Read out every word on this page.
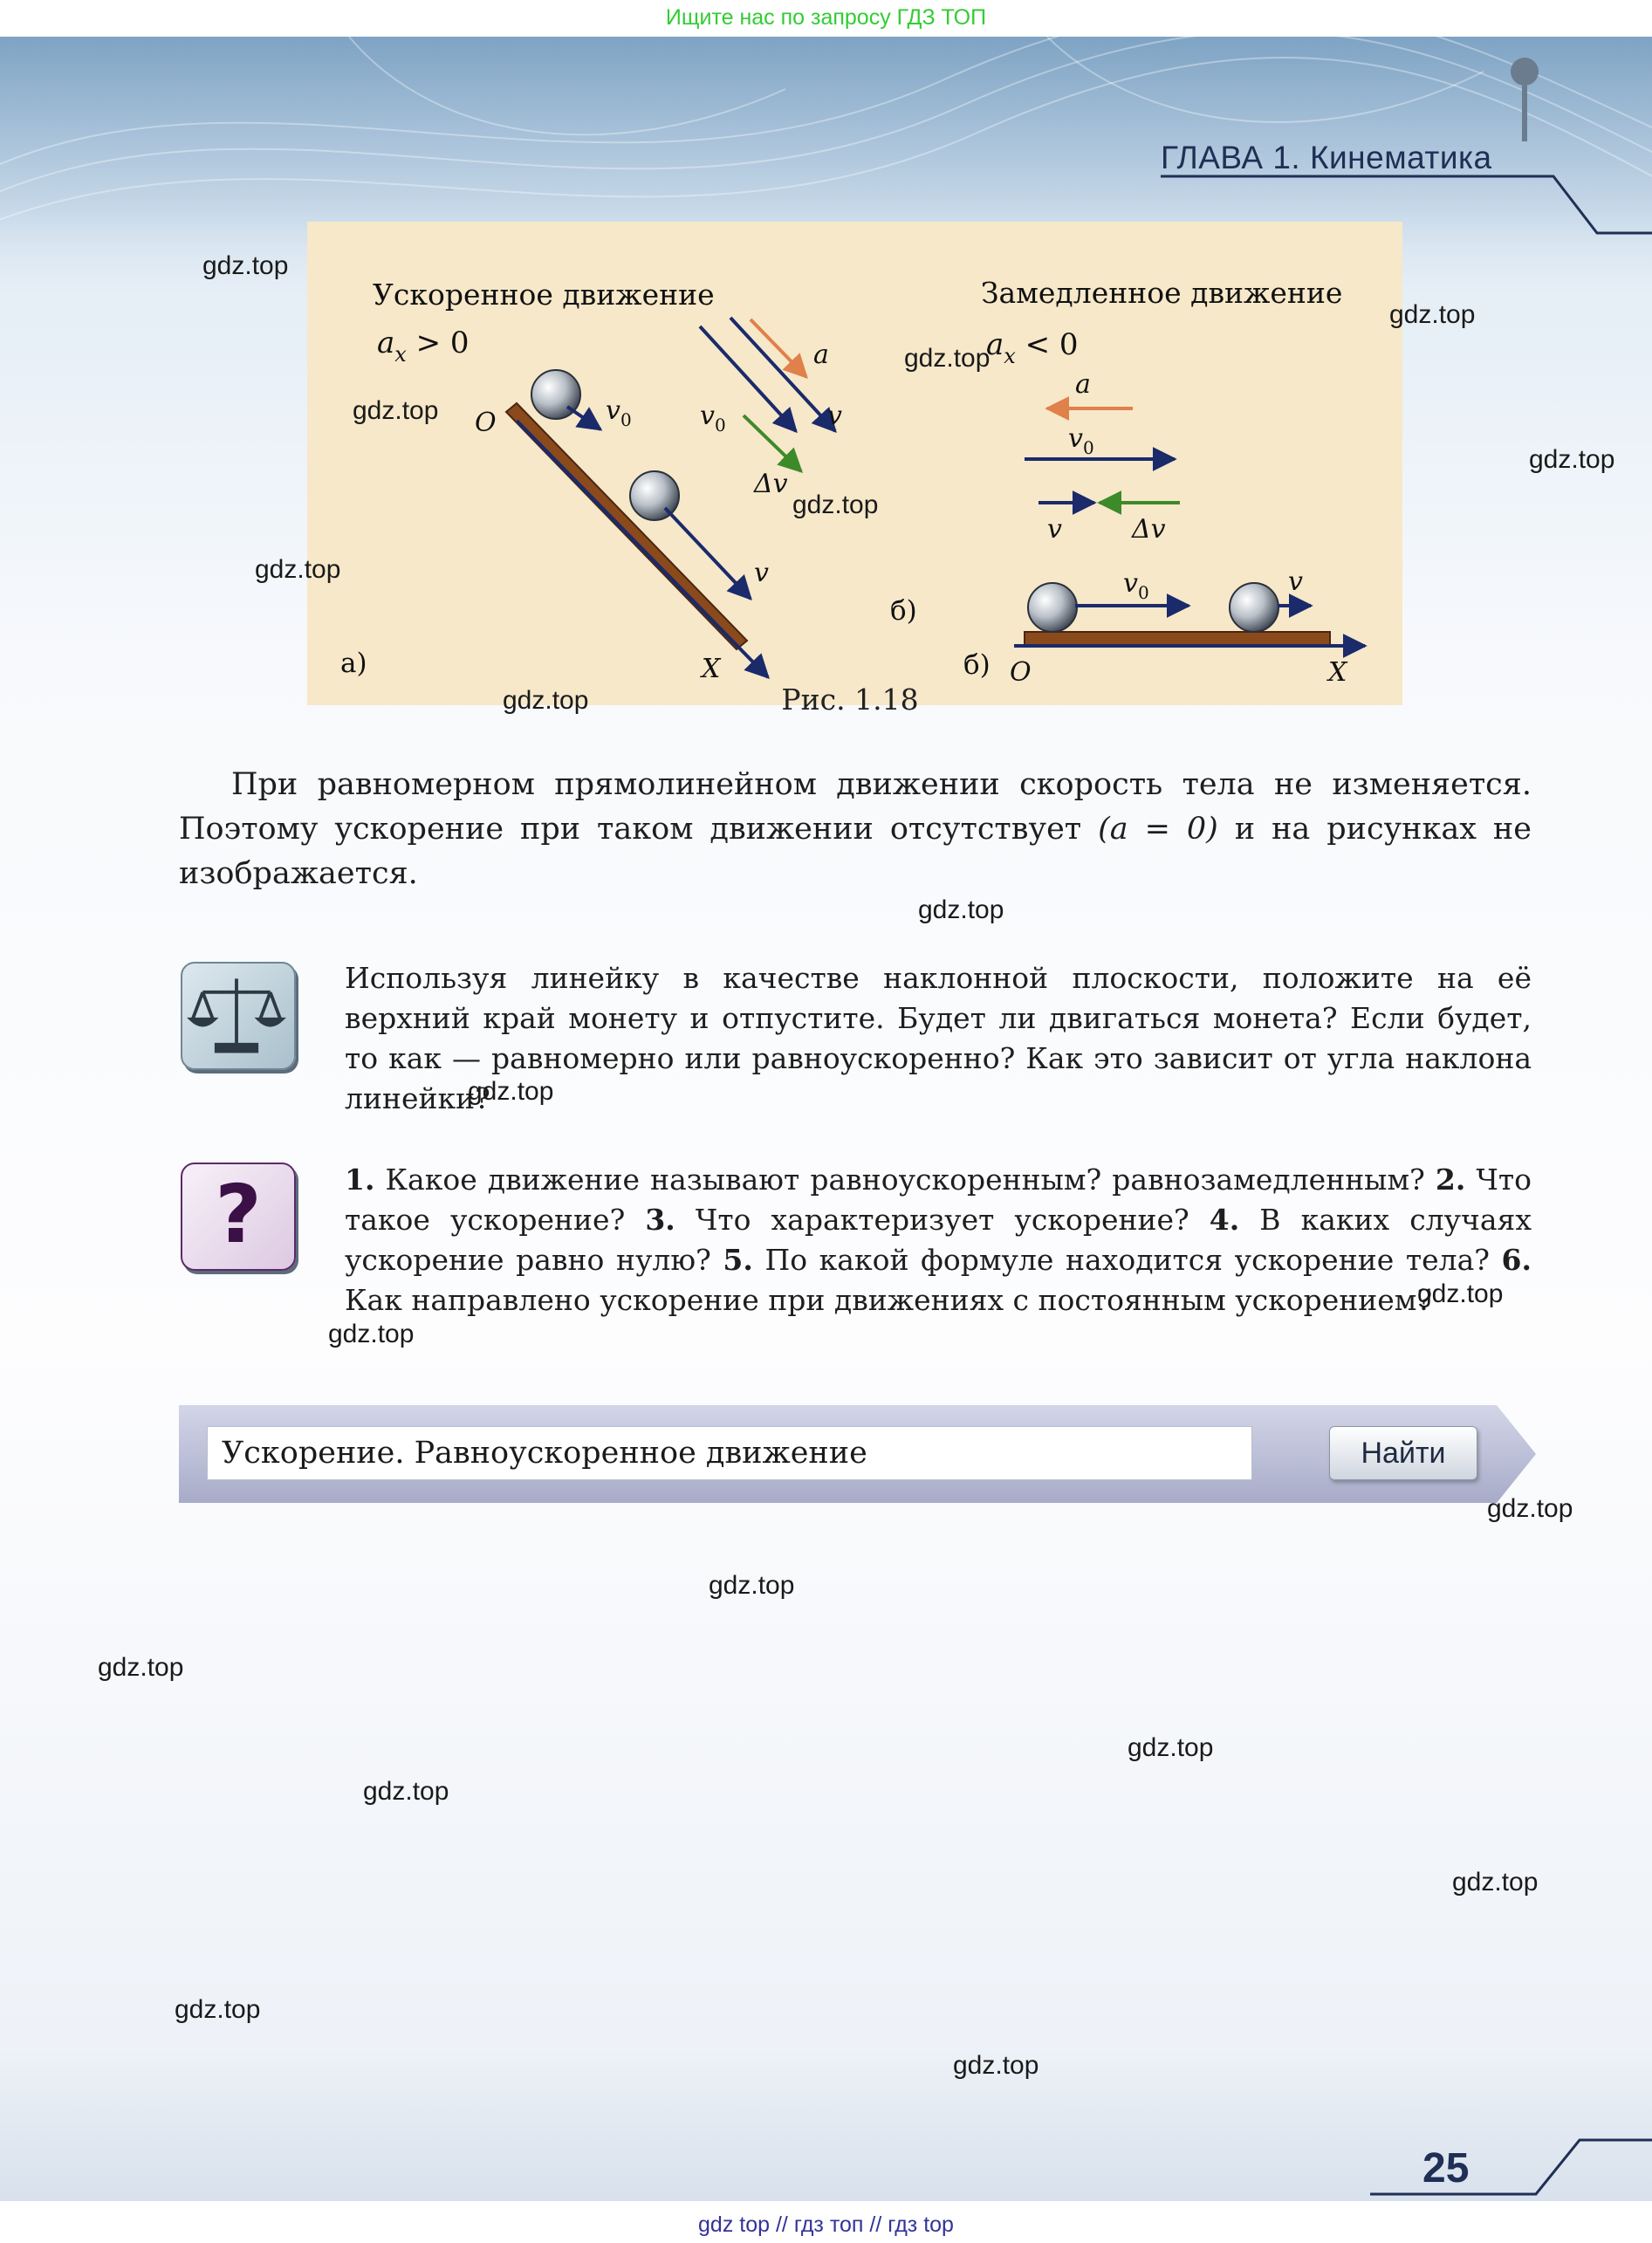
Ищите нас по запросу ГДЗ ТОП
ГЛАВА 1. Кинематика
Ускоренное движение
$a_x > 0$
O
X
а)
$v_0$
v
a
$v_0$	v
Δv
Замедленное движение
$a_x < 0$
a
$v_0$
v	Δv
б)
$v_0$	v
б) O	X
Рис. 1.18
При равномерном прямолинейном движении скорость тела не изменяется. Поэтому ускорение при таком движении отсутствует (a = 0) и на рисунках не изображается.
Используя линейку в качестве наклонной плоскости, положите на её верхний край монету и отпустите. Будет ли двигаться монета? Если будет, то как — равномерно или равноускоренно? Как это зависит от угла наклона линейки?
?	1. Какое движение называют равноускоренным? равнозамедленным? 2. Что такое ускорение? 3. Что характеризует ускорение? 4. В каких случаях ускорение равно нулю? 5. По какой формуле находится ускорение тела? 6. Как направлено ускорение при движениях с постоянным ускорением?
Ускорение. Равноускоренное движение	Найти
gdz.top
gdz.top
gdz.top
gdz.top
gdz.top
gdz.top
gdz.top
gdz.top
gdz.top
gdz.top
gdz.top
gdz.top
gdz.top
gdz.top
gdz.top
gdz.top
gdz.top
gdz.top
gdz.top
gdz.top
25
gdz top // гдз топ // гдз top
